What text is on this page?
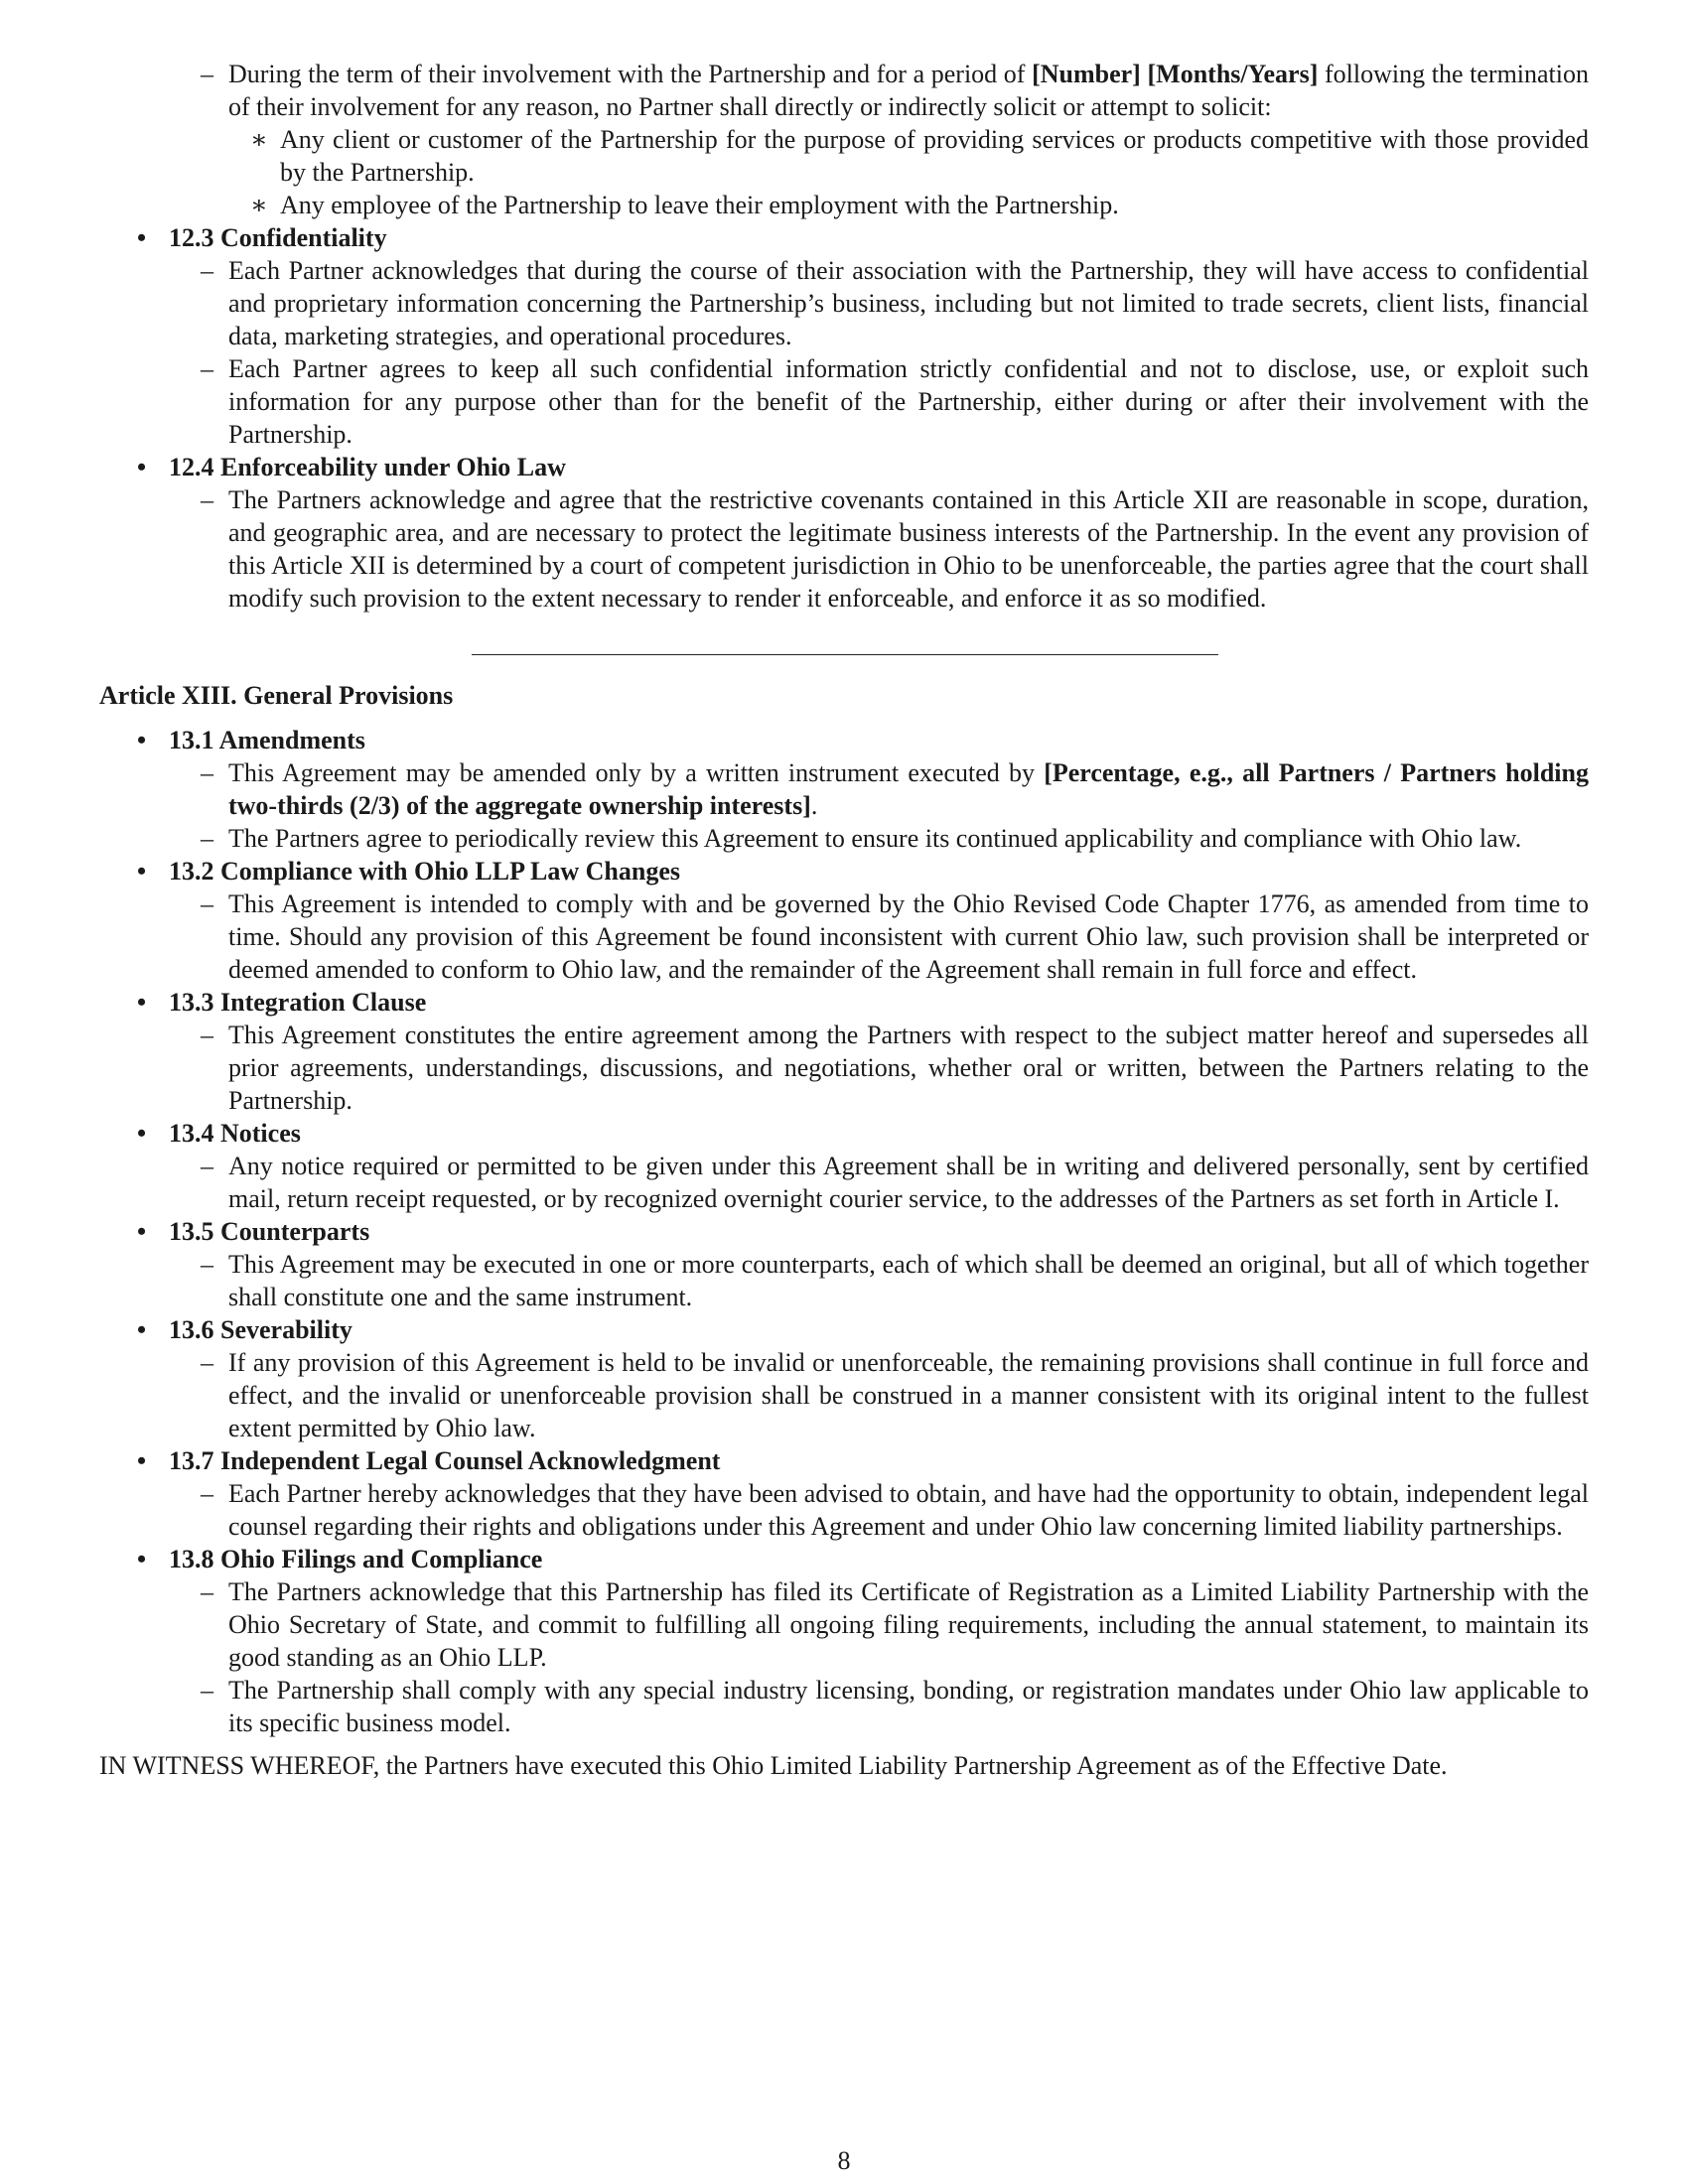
– During the term of their involvement with the Partnership and for a period of [Number] [Months/Years] following the termination of their involvement for any reason, no Partner shall directly or indirectly solicit or attempt to solicit:
∗ Any client or customer of the Partnership for the purpose of providing services or products competitive with those provided by the Partnership.
∗ Any employee of the Partnership to leave their employment with the Partnership.
• 12.3 Confidentiality
– Each Partner acknowledges that during the course of their association with the Partnership, they will have access to confidential and proprietary information concerning the Partnership’s business, including but not limited to trade secrets, client lists, financial data, marketing strategies, and operational procedures.
– Each Partner agrees to keep all such confidential information strictly confidential and not to disclose, use, or exploit such information for any purpose other than for the benefit of the Partnership, either during or after their involvement with the Partnership.
• 12.4 Enforceability under Ohio Law
– The Partners acknowledge and agree that the restrictive covenants contained in this Article XII are reasonable in scope, duration, and geographic area, and are necessary to protect the legitimate business interests of the Partnership. In the event any provision of this Article XII is determined by a court of competent jurisdiction in Ohio to be unenforceable, the parties agree that the court shall modify such provision to the extent necessary to render it enforceable, and enforce it as so modified.
Article XIII. General Provisions
• 13.1 Amendments
– This Agreement may be amended only by a written instrument executed by [Percentage, e.g., all Partners / Partners holding two-thirds (2/3) of the aggregate ownership interests].
– The Partners agree to periodically review this Agreement to ensure its continued applicability and compliance with Ohio law.
• 13.2 Compliance with Ohio LLP Law Changes
– This Agreement is intended to comply with and be governed by the Ohio Revised Code Chapter 1776, as amended from time to time. Should any provision of this Agreement be found inconsistent with current Ohio law, such provision shall be interpreted or deemed amended to conform to Ohio law, and the remainder of the Agreement shall remain in full force and effect.
• 13.3 Integration Clause
– This Agreement constitutes the entire agreement among the Partners with respect to the subject matter hereof and supersedes all prior agreements, understandings, discussions, and negotiations, whether oral or written, between the Partners relating to the Partnership.
• 13.4 Notices
– Any notice required or permitted to be given under this Agreement shall be in writing and delivered personally, sent by certified mail, return receipt requested, or by recognized overnight courier service, to the addresses of the Partners as set forth in Article I.
• 13.5 Counterparts
– This Agreement may be executed in one or more counterparts, each of which shall be deemed an original, but all of which together shall constitute one and the same instrument.
• 13.6 Severability
– If any provision of this Agreement is held to be invalid or unenforceable, the remaining provisions shall continue in full force and effect, and the invalid or unenforceable provision shall be construed in a manner consistent with its original intent to the fullest extent permitted by Ohio law.
• 13.7 Independent Legal Counsel Acknowledgment
– Each Partner hereby acknowledges that they have been advised to obtain, and have had the opportunity to obtain, independent legal counsel regarding their rights and obligations under this Agreement and under Ohio law concerning limited liability partnerships.
• 13.8 Ohio Filings and Compliance
– The Partners acknowledge that this Partnership has filed its Certificate of Registration as a Limited Liability Partnership with the Ohio Secretary of State, and commit to fulfilling all ongoing filing requirements, including the annual statement, to maintain its good standing as an Ohio LLP.
– The Partnership shall comply with any special industry licensing, bonding, or registration mandates under Ohio law applicable to its specific business model.
IN WITNESS WHEREOF, the Partners have executed this Ohio Limited Liability Partnership Agreement as of the Effective Date.
8
